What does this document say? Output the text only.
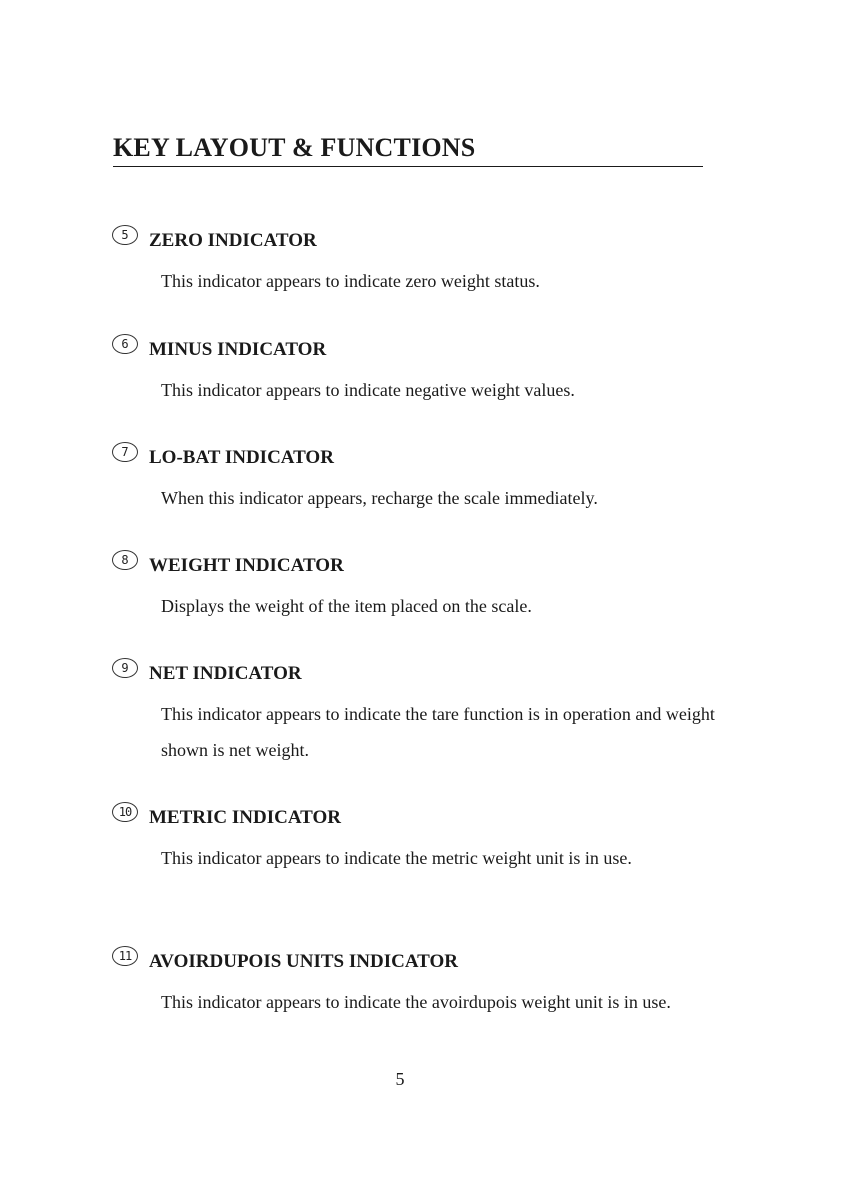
KEY LAYOUT & FUNCTIONS
5	ZERO INDICATOR
This indicator appears to indicate zero weight status.
6	MINUS INDICATOR
This indicator appears to indicate negative weight values.
7	LO-BAT INDICATOR
When this indicator appears, recharge the scale immediately.
8	WEIGHT INDICATOR
Displays the weight of the item placed on the scale.
9	NET INDICATOR
This indicator appears to indicate the tare function is in operation and weight shown is net weight.
10 METRIC INDICATOR
This indicator appears to indicate the metric weight unit is in use.
11 AVOIRDUPOIS UNITS INDICATOR
This indicator appears to indicate the avoirdupois weight unit is in use.
5
